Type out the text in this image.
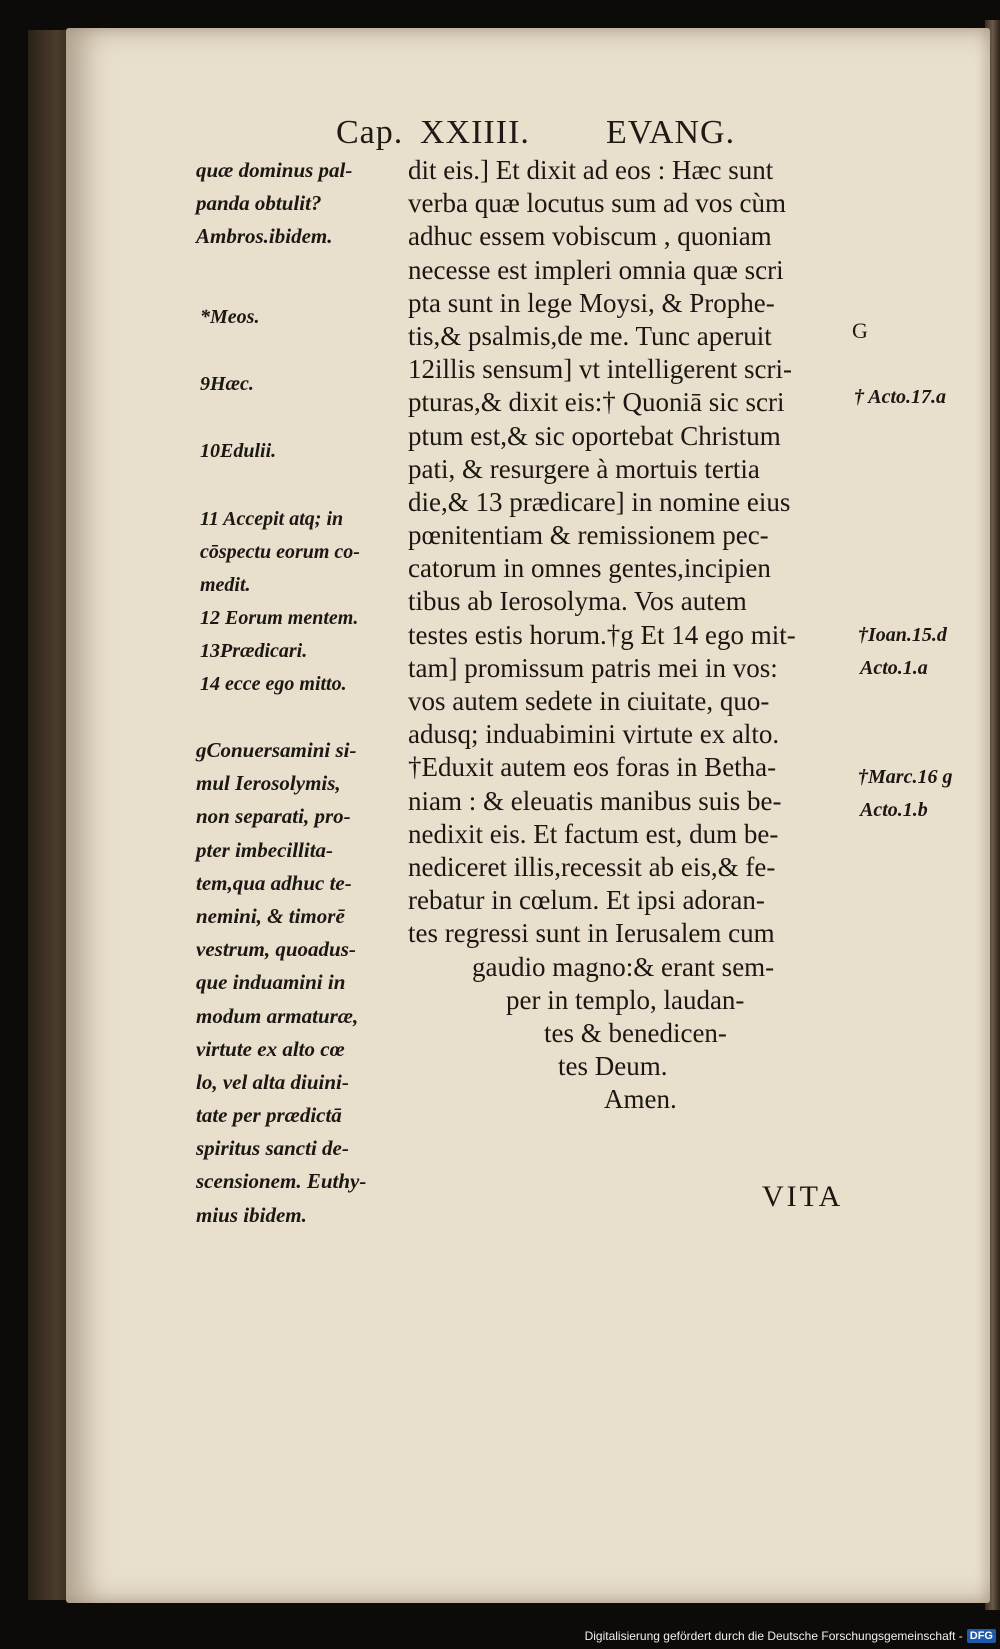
Cap. XXIIII. EVANG.
dit eis.] Et dixit ad eos : Hæc sunt
verba quæ locutus sum ad vos cùm
adhuc essem vobiscum , quoniam
necesse est impleri omnia quæ scri
pta sunt in lege Moysi, & Prophe-
tis,& psalmis,de me. Tunc aperuit
12illis sensum] vt intelligerent scri-
pturas,& dixit eis:† Quoniā sic scri
ptum est,& sic oportebat Christum
pati, & resurgere à mortuis tertia
die,& 13 prædicare] in nomine eius
pœnitentiam & remissionem pec-
catorum in omnes gentes,incipien
tibus ab Ierosolyma. Vos autem
testes estis horum.†g Et 14 ego mit-
tam] promissum patris mei in vos:
vos autem sedete in ciuitate, quo-
adusq; induabimini virtute ex alto.
†Eduxit autem eos foras in Betha-
niam : & eleuatis manibus suis be-
nedixit eis. Et factum est, dum be-
nediceret illis,recessit ab eis,& fe-
rebatur in cœlum. Et ipsi adoran-
tes regressi sunt in Ierusalem cum
gaudio magno:& erant sem-
per in templo, laudan-
tes & benedicen-
tes Deum.
Amen.
quæ dominus pal-
panda obtulit?
Ambros.ibidem.
*Meos.
9Hæc.
10Edulii.
11 Accepit atq; in
cōspectu eorum co-
medit.
12 Eorum mentem.
13Prædicari.
14 ecce ego mitto.
gConuersamini si-
mul Ierosolymis,
non separati, pro-
pter imbecillita-
tem,qua adhuc te-
nemini, & timorē
vestrum, quoadus-
que induamini in
modum armaturæ,
virtute ex alto cœ
lo, vel alta diuini-
tate per prædictā
spiritus sancti de-
scensionem. Euthy-
mius ibidem.
G
† Acto.17.a
†Ioan.15.d
Acto.1.a
†Marc.16 g
Acto.1.b
VITA
Digitalisierung gefördert durch die Deutsche Forschungsgemeinschaft - DFG
